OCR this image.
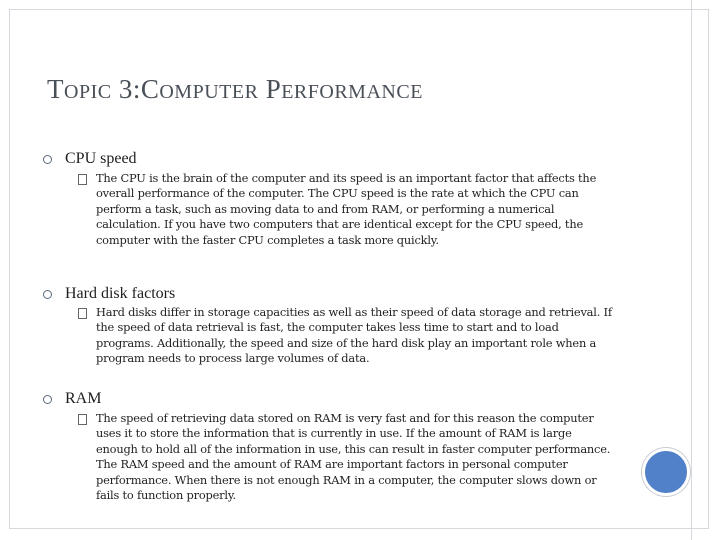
TOPIC 3:COMPUTER PERFORMANCE
CPU speed

The CPU is the brain of the computer and its speed is an important factor that affects the overall performance of the computer. The CPU speed is the rate at which the CPU can perform a task, such as moving data to and from RAM, or performing a numerical calculation. If you have two computers that are identical except for the CPU speed, the computer with the faster CPU completes a task more quickly.

Hard disk factors

Hard disks differ in storage capacities as well as their speed of data storage and retrieval. If the speed of data retrieval is fast, the computer takes less time to start and to load programs. Additionally, the speed and size of the hard disk play an important role when a program needs to process large volumes of data.

RAM

The speed of retrieving data stored on RAM is very fast and for this reason the computer uses it to store the information that is currently in use. If the amount of RAM is large enough to hold all of the information in use, this can result in faster computer performance. The RAM speed and the amount of RAM are important factors in personal computer performance. When there is not enough RAM in a computer, the computer slows down or fails to function properly.
